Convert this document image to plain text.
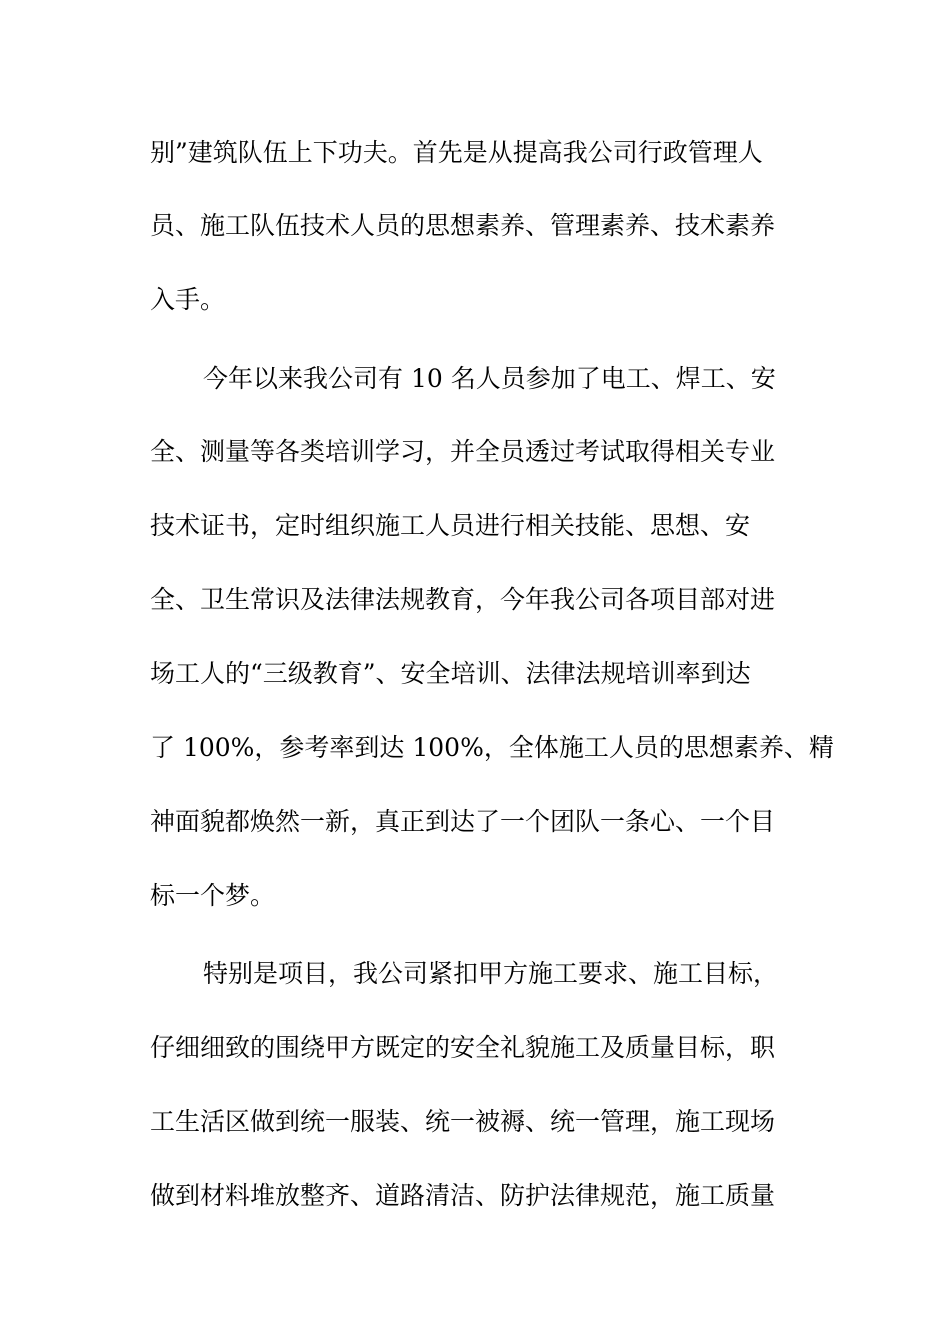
别”建筑队伍上下功夫。首先是从提高我公司行政管理人
员、施工队伍技术人员的思想素养、管理素养、技术素养
入手。
今年以来我公司有 10 名人员参加了电工、焊工、安
全、测量等各类培训学习，并全员透过考试取得相关专业
技术证书，定时组织施工人员进行相关技能、思想、安
全、卫生常识及法律法规教育，今年我公司各项目部对进
场工人的“三级教育”、安全培训、法律法规培训率到达
了 100%，参考率到达 100%，全体施工人员的思想素养、精
神面貌都焕然一新，真正到达了一个团队一条心、一个目
标一个梦。
特别是项目，我公司紧扣甲方施工要求、施工目标，
仔细细致的围绕甲方既定的安全礼貌施工及质量目标，职
工生活区做到统一服装、统一被褥、统一管理，施工现场
做到材料堆放整齐、道路清洁、防护法律规范，施工质量
